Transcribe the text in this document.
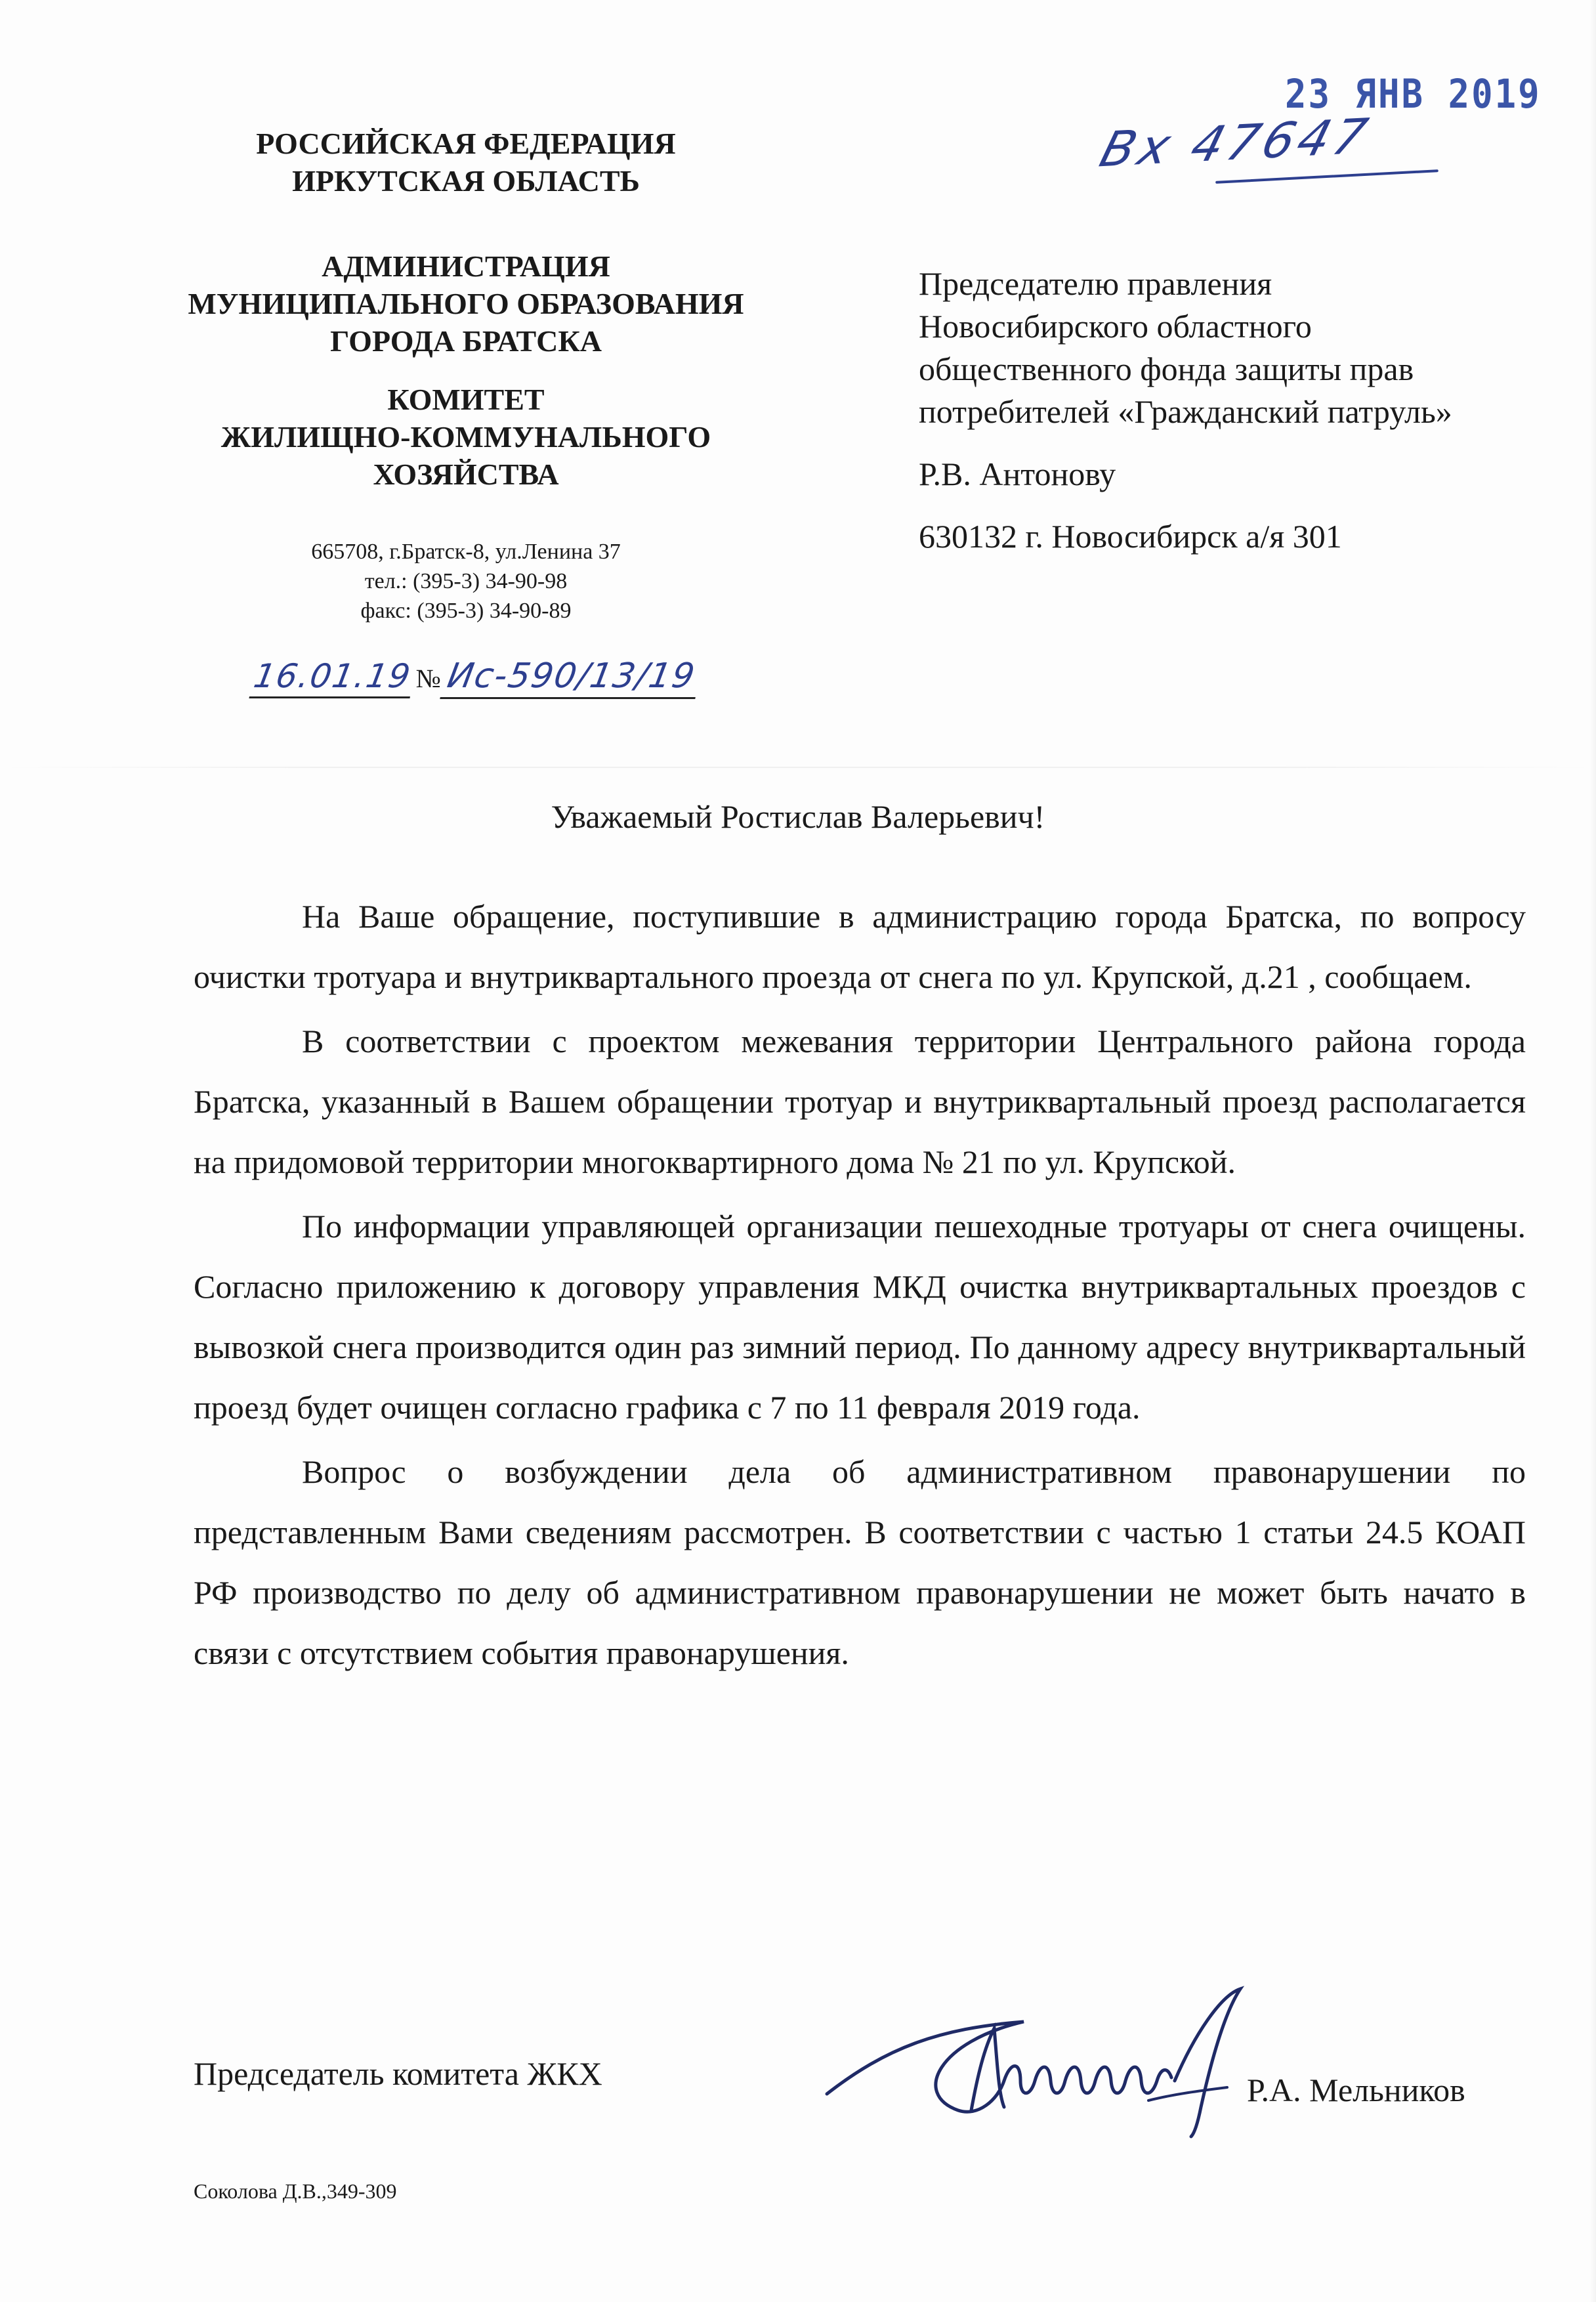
РОССИЙСКАЯ ФЕДЕРАЦИЯ
ИРКУТСКАЯ ОБЛАСТЬ
АДМИНИСТРАЦИЯ
МУНИЦИПАЛЬНОГО ОБРАЗОВАНИЯ
ГОРОДА БРАТСКА
КОМИТЕТ
ЖИЛИЩНО-КОММУНАЛЬНОГО
ХОЗЯЙСТВА
665708, г.Братск-8, ул.Ленина 37
тел.: (395-3) 34-90-98
факс: (395-3) 34-90-89
16.01.19№Ис-590/13/19
23 ЯНВ 2019
Вх 47647
Председателю правления
Новосибирского областного
общественного фонда защиты прав
потребителей «Гражданский патруль»
Р.В. Антонову
630132 г. Новосибирск а/я 301
Уважаемый Ростислав Валерьевич!

На Ваше обращение, поступившие в администрацию города Братска, по вопросу очистки тротуара и внутриквартального проезда от снега по ул. Крупской, д.21 , сообщаем.

В соответствии с проектом межевания территории Центрального района города Братска, указанный в Вашем обращении тротуар и внутриквартальный проезд располагается на придомовой территории многоквартирного дома № 21 по ул. Крупской.

По информации управляющей организации пешеходные тротуары от снега очищены. Согласно приложению к договору управления МКД очистка внутриквартальных проездов с вывозкой снега производится один раз зимний период. По данному адресу внутриквартальный проезд будет очищен согласно графика с 7 по 11 февраля 2019 года.

Вопрос о возбуждении дела об административном правонарушении по представленным Вами сведениям рассмотрен. В соответствии с частью 1 статьи 24.5 КОАП РФ производство по делу об административном правонарушении не может быть начато в связи с отсутствием события правонарушения.

Председатель комитета ЖКХ	Р.А. Мельников
Соколова Д.В.,349-309
